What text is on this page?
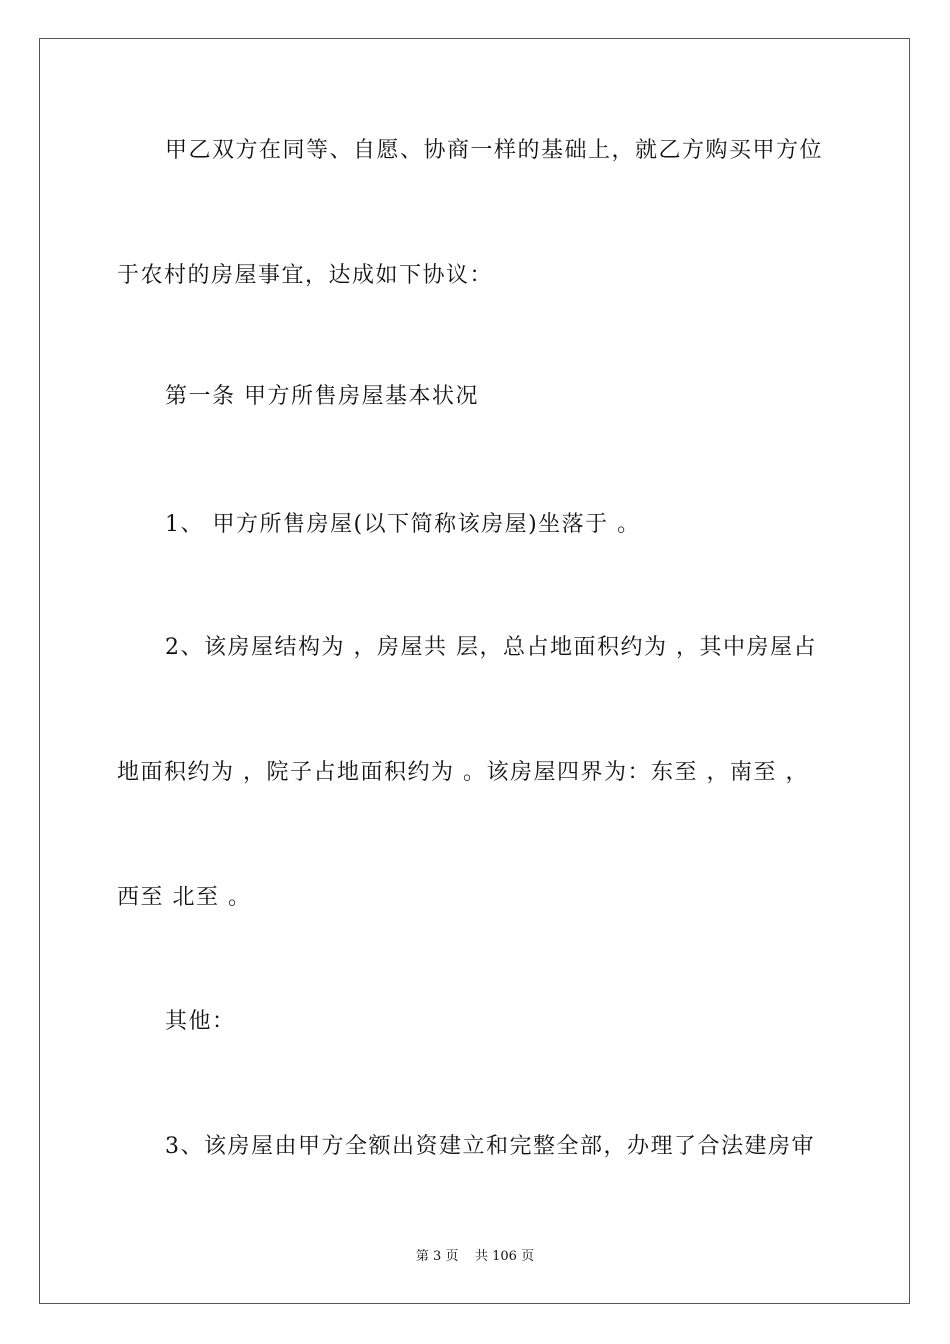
甲乙双方在同等、自愿、协商一样的基础上，就乙方购买甲方位
于农村的房屋事宜，达成如下协议：
第一条 甲方所售房屋基本状况
1、 甲方所售房屋(以下简称该房屋)坐落于 。
2、该房屋结构为 ，房屋共 层，总占地面积约为 ，其中房屋占
地面积约为 ，院子占地面积约为 。该房屋四界为：东至 ，南至 ，
西至 北至 。
其他：
3、该房屋由甲方全额出资建立和完整全部，办理了合法建房审
第 3 页    共 106 页
